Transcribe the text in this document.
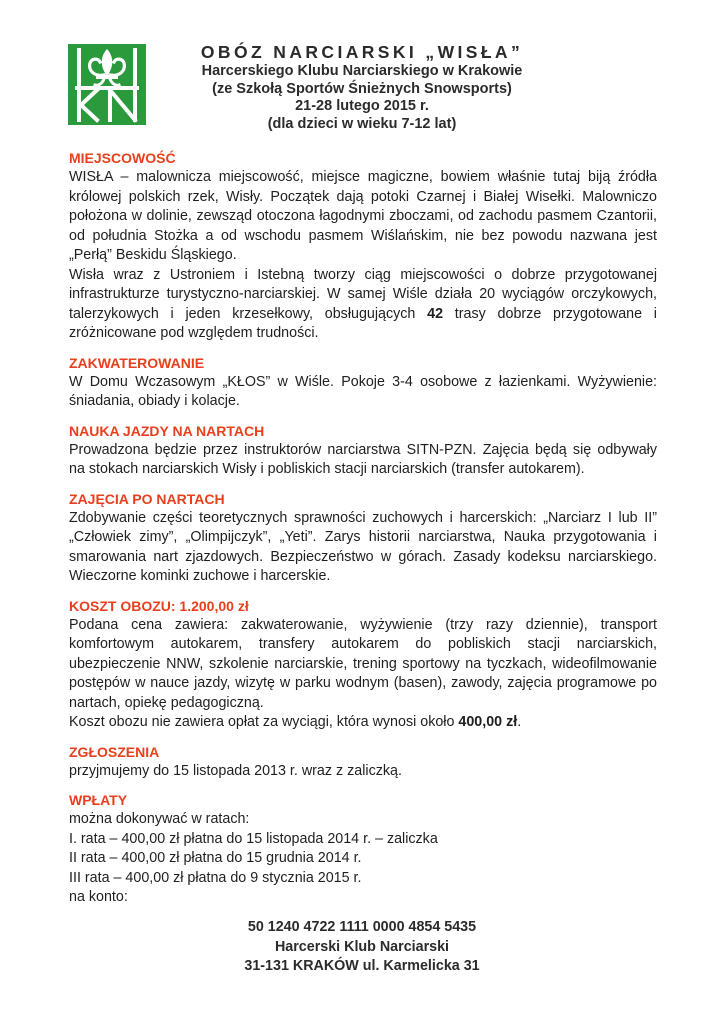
OBÓZ NARCIARSKI „WISŁA”
Harcerskiego Klubu Narciarskiego w Krakowie
(ze Szkołą Sportów Śnieżnych Snowsports)
21-28 lutego 2015 r.
(dla dzieci w wieku 7-12 lat)
MIEJSCOWOŚĆ

WISŁA – malownicza miejscowość, miejsce magiczne, bowiem właśnie tutaj biją źródła królowej polskich rzek, Wisły. Początek dają potoki Czarnej i Białej Wisełki. Malowniczo położona w dolinie, zewsząd otoczona łagodnymi zboczami, od zachodu pasmem Czantorii, od południa Stożka a od wschodu pasmem Wiślańskim, nie bez powodu nazwana jest „Perłą” Beskidu Śląskiego.

Wisła wraz z Ustroniem i Istebną tworzy ciąg miejscowości o dobrze przygotowanej infrastrukturze turystyczno-narciarskiej. W samej Wiśle działa 20 wyciągów orczykowych, talerzykowych i jeden krzesełkowy, obsługujących 42 trasy dobrze przygotowane i zróżnicowane pod względem trudności.

ZAKWATEROWANIE

W Domu Wczasowym „KŁOS” w Wiśle. Pokoje 3-4 osobowe z łazienkami. Wyżywienie: śniadania, obiady i kolacje.

NAUKA JAZDY NA NARTACH

Prowadzona będzie przez instruktorów narciarstwa SITN-PZN. Zajęcia będą się odbywały na stokach narciarskich Wisły i pobliskich stacji narciarskich (transfer autokarem).

ZAJĘCIA PO NARTACH

Zdobywanie części teoretycznych sprawności zuchowych i harcerskich: „Narciarz I lub II” „Człowiek zimy”, „Olimpijczyk”, „Yeti”. Zarys historii narciarstwa, Nauka przygotowania i smarowania nart zjazdowych. Bezpieczeństwo w górach. Zasady kodeksu narciarskiego. Wieczorne kominki zuchowe i harcerskie.

KOSZT OBOZU: 1.200,00 zł

Podana cena zawiera: zakwaterowanie, wyżywienie (trzy razy dziennie), transport komfortowym autokarem, transfery autokarem do pobliskich stacji narciarskich, ubezpieczenie NNW, szkolenie narciarskie, trening sportowy na tyczkach, wideofilmowanie postępów w nauce jazdy, wizytę w parku wodnym (basen), zawody, zajęcia programowe po nartach, opiekę pedagogiczną.

Koszt obozu nie zawiera opłat za wyciągi, która wynosi około 400,00 zł.

ZGŁOSZENIA

przyjmujemy do 15 listopada 2013 r. wraz z zaliczką.

WPŁATY

można dokonywać w ratach:

I. rata – 400,00 zł płatna do 15 listopada 2014 r. – zaliczka

II rata – 400,00 zł płatna do 15 grudnia 2014 r.

III rata – 400,00 zł płatna do 9 stycznia 2015 r.

na konto:

50 1240 4722 1111 0000 4854 5435
Harcerski Klub Narciarski
31-131 KRAKÓW ul. Karmelicka 31
